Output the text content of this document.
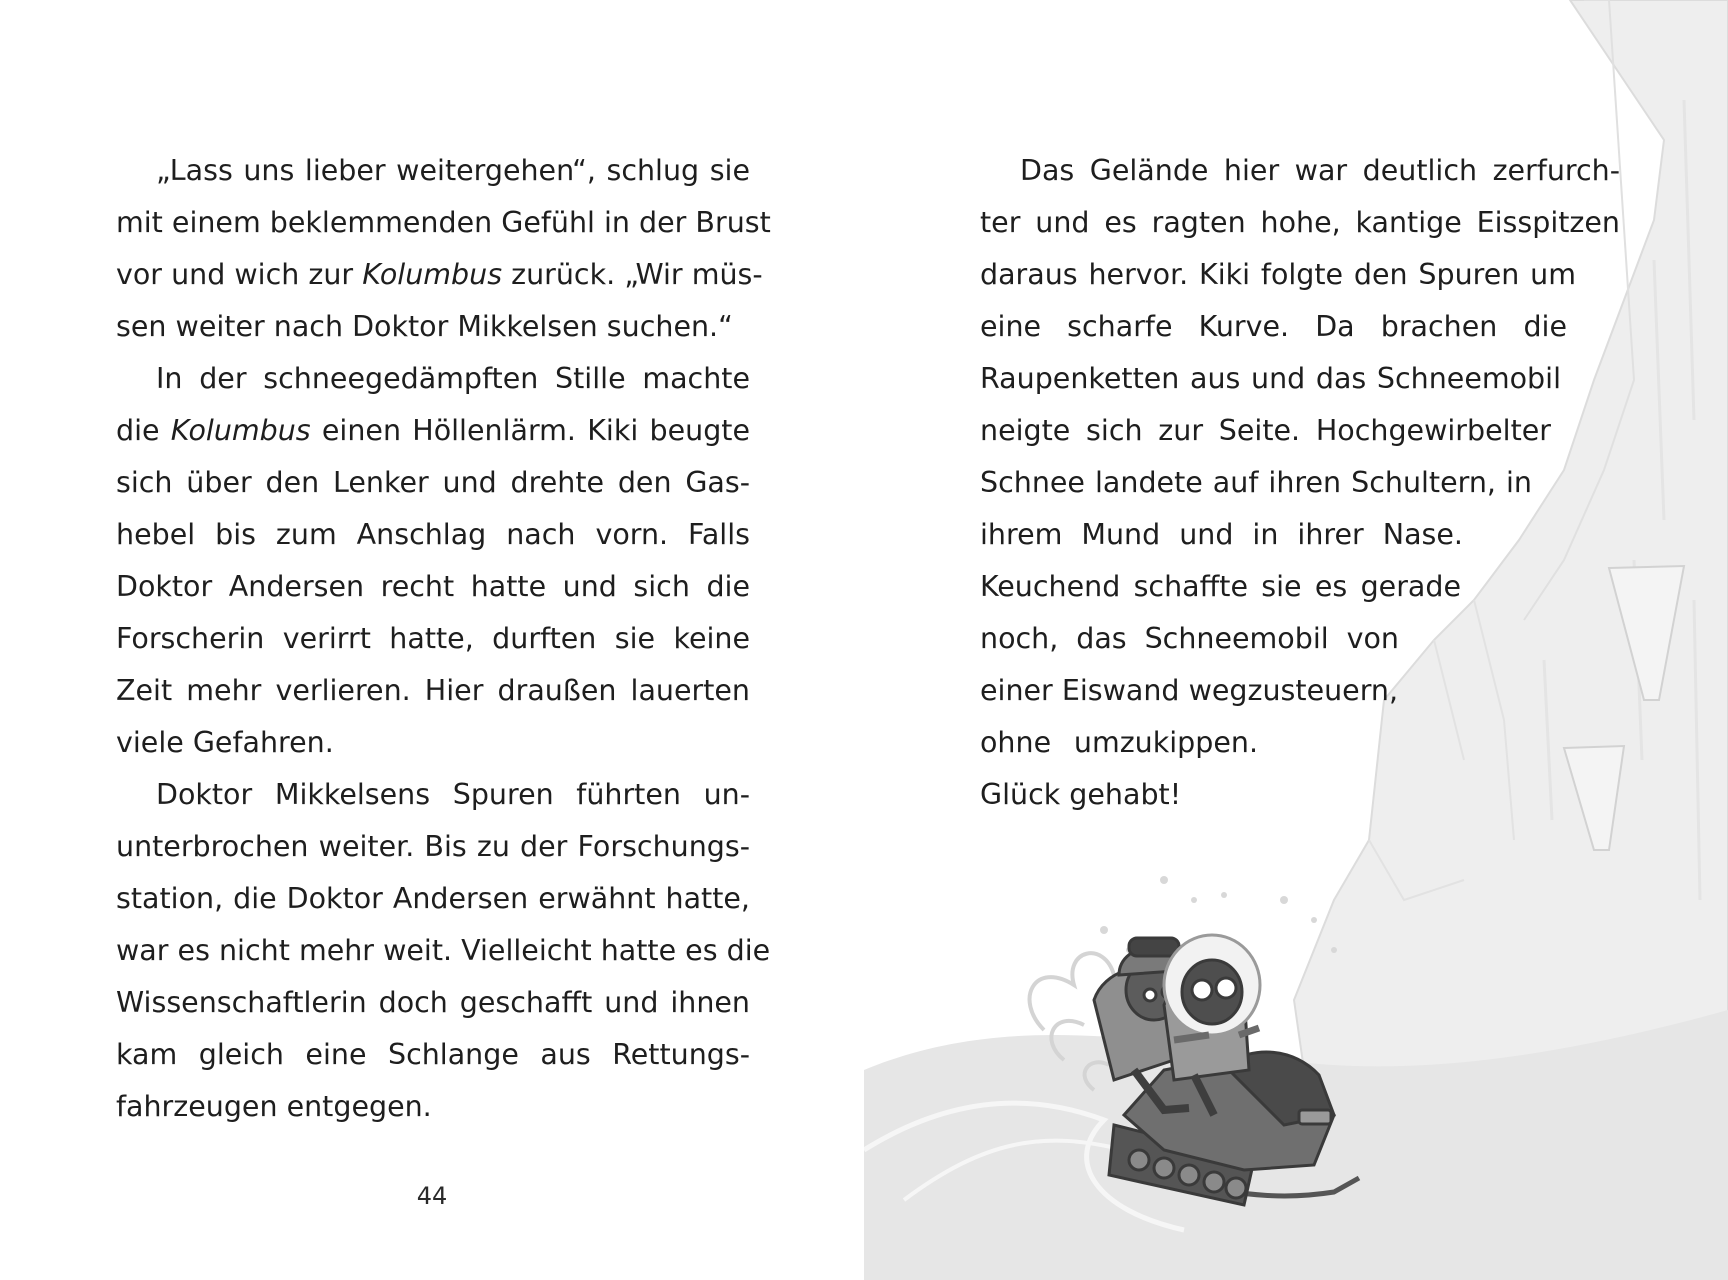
„Lass uns lieber weitergehen“, schlug sie
mit einem beklemmenden Gefühl in der Brust
vor und wich zur Kolumbus zurück. „Wir müs-
sen weiter nach Doktor Mikkelsen suchen.“
In der schneegedämpften Stille machte
die Kolumbus einen Höllenlärm. Kiki beugte
sich über den Lenker und drehte den Gas-
hebel bis zum Anschlag nach vorn. Falls
Doktor Andersen recht hatte und sich die
Forscherin verirrt hatte, durften sie keine
Zeit mehr verlieren. Hier draußen lauerten
viele Gefahren.
Doktor Mikkelsens Spuren führten un-
unterbrochen weiter. Bis zu der Forschungs-
station, die Doktor Andersen erwähnt hatte,
war es nicht mehr weit. Vielleicht hatte es die
Wissenschaftlerin doch geschafft und ihnen
kam gleich eine Schlange aus Rettungs-
fahrzeugen entgegen.
44
Das Gelände hier war deutlich zerfurch-
ter und es ragten hohe, kantige Eisspitzen
daraus hervor. Kiki folgte den Spuren um
eine scharfe Kurve. Da brachen die
Raupenketten aus und das Schneemobil
neigte sich zur Seite. Hochgewirbelter
Schnee landete auf ihren Schultern, in
ihrem Mund und in ihrer Nase.
Keuchend schaffte sie es gerade
noch, das Schneemobil von
einer Eiswand wegzusteuern,
ohne umzukippen.
Glück gehabt!
